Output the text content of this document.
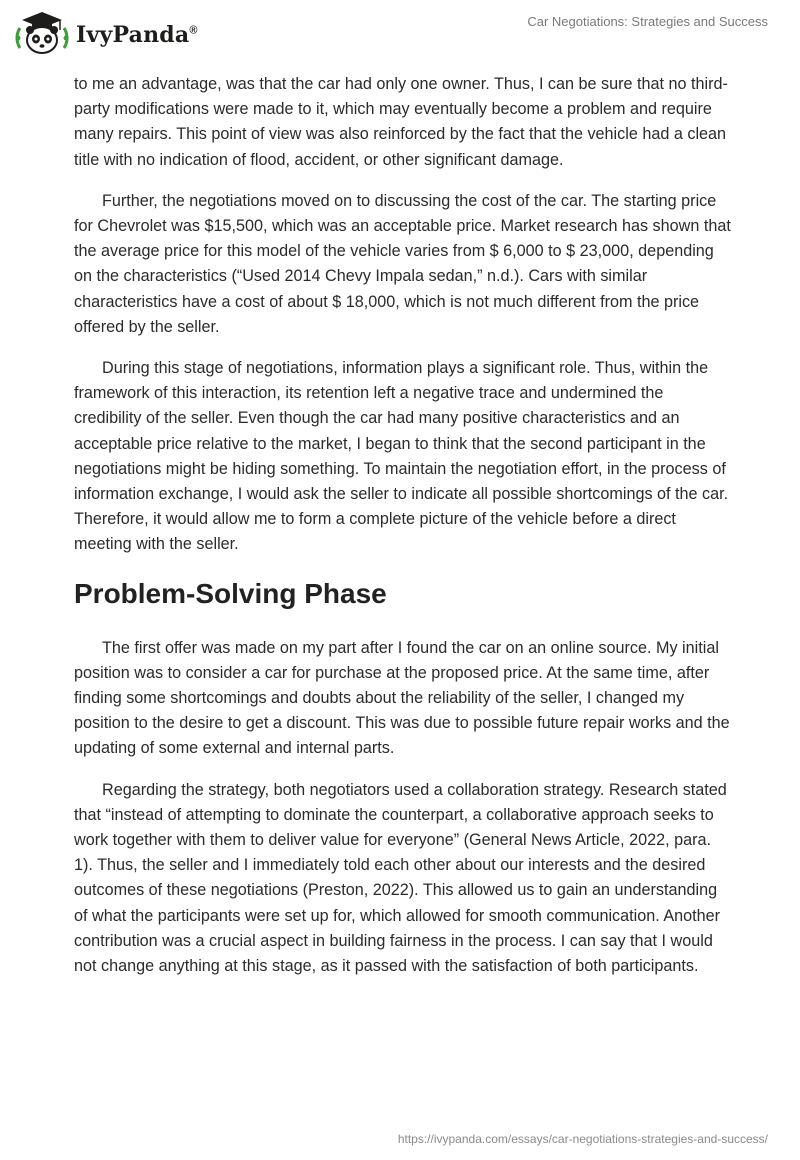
IvyPanda®
Car Negotiations: Strategies and Success

to me an advantage, was that the car had only one owner. Thus, I can be sure that no third-party modifications were made to it, which may eventually become a problem and require many repairs. This point of view was also reinforced by the fact that the vehicle had a clean title with no indication of flood, accident, or other significant damage.

Further, the negotiations moved on to discussing the cost of the car. The starting price for Chevrolet was $15,500, which was an acceptable price. Market research has shown that the average price for this model of the vehicle varies from $ 6,000 to $ 23,000, depending on the characteristics (“Used 2014 Chevy Impala sedan,” n.d.). Cars with similar characteristics have a cost of about $ 18,000, which is not much different from the price offered by the seller.

During this stage of negotiations, information plays a significant role. Thus, within the framework of this interaction, its retention left a negative trace and undermined the credibility of the seller. Even though the car had many positive characteristics and an acceptable price relative to the market, I began to think that the second participant in the negotiations might be hiding something. To maintain the negotiation effort, in the process of information exchange, I would ask the seller to indicate all possible shortcomings of the car. Therefore, it would allow me to form a complete picture of the vehicle before a direct meeting with the seller.

Problem-Solving Phase

The first offer was made on my part after I found the car on an online source. My initial position was to consider a car for purchase at the proposed price. At the same time, after finding some shortcomings and doubts about the reliability of the seller, I changed my position to the desire to get a discount. This was due to possible future repair works and the updating of some external and internal parts.

Regarding the strategy, both negotiators used a collaboration strategy. Research stated that “instead of attempting to dominate the counterpart, a collaborative approach seeks to work together with them to deliver value for everyone” (General News Article, 2022, para. 1). Thus, the seller and I immediately told each other about our interests and the desired outcomes of these negotiations (Preston, 2022). This allowed us to gain an understanding of what the participants were set up for, which allowed for smooth communication. Another contribution was a crucial aspect in building fairness in the process. I can say that I would not change anything at this stage, as it passed with the satisfaction of both participants.

https://ivypanda.com/essays/car-negotiations-strategies-and-success/
